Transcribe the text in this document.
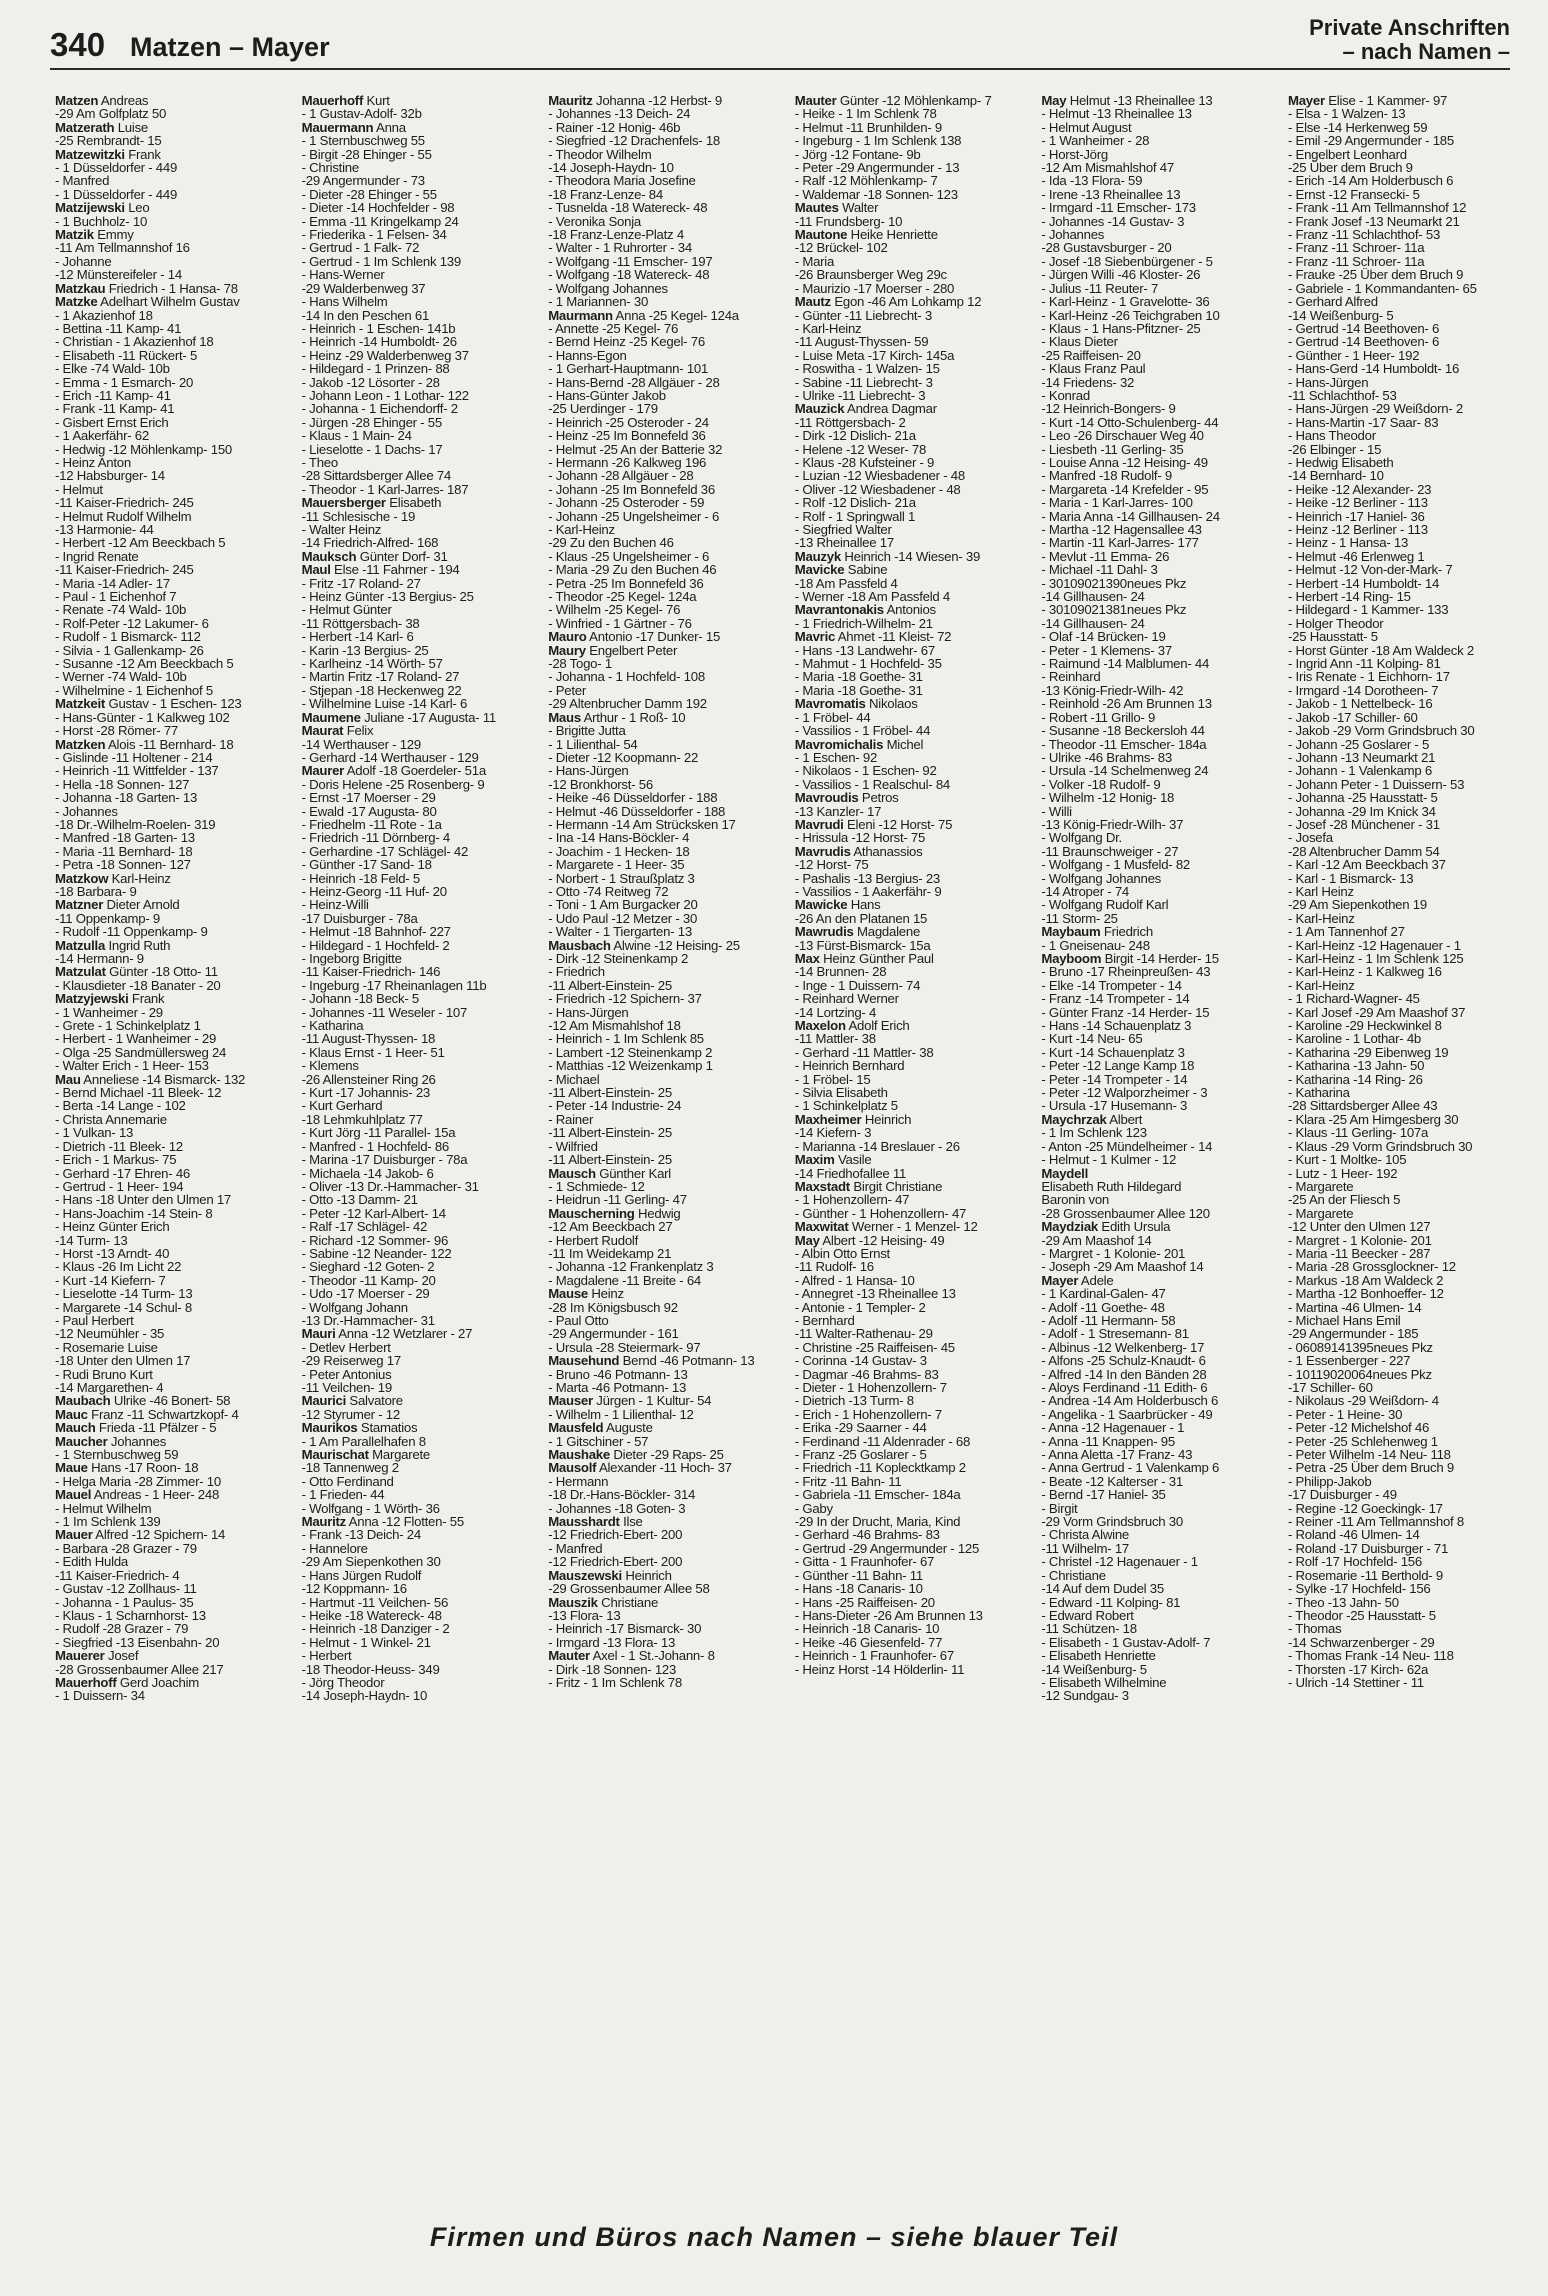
340 Matzen – Mayer
Private Anschriften
– nach Namen –
Matzen Andreas
-29 Am Golfplatz 50
Matzerath Luise
-25 Rembrandt- 15
Matzewitzki Frank
- 1 Düsseldorfer - 449
- Manfred
- 1 Düsseldorfer - 449
Matzijewski Leo
- 1 Buchholz- 10
Matzik Emmy
-11 Am Tellmannshof 16
- Johanne
-12 Münstereifeler - 14
Matzkau Friedrich - 1 Hansa- 78
Matzke Adelhart Wilhelm Gustav
- 1 Akazienhof 18
- Bettina -11 Kamp- 41
- Christian - 1 Akazienhof 18
- Elisabeth -11 Rückert- 5
- Elke -74 Wald- 10b
- Emma - 1 Esmarch- 20
- Erich -11 Kamp- 41
- Frank -11 Kamp- 41
- Gisbert Ernst Erich
- 1 Aakerfähr- 62
- Hedwig -12 Möhlenkamp- 150
- Heinz Anton
-12 Habsburger- 14
- Helmut
-11 Kaiser-Friedrich- 245
- Helmut Rudolf Wilhelm
-13 Harmonie- 44
- Herbert -12 Am Beeckbach 5
- Ingrid Renate
-11 Kaiser-Friedrich- 245
- Maria -14 Adler- 17
- Paul - 1 Eichenhof 7
- Renate -74 Wald- 10b
- Rolf-Peter -12 Lakumer- 6
- Rudolf - 1 Bismarck- 112
- Silvia - 1 Gallenkamp- 26
- Susanne -12 Am Beeckbach 5
- Werner -74 Wald- 10b
- Wilhelmine - 1 Eichenhof 5
Matzkeit Gustav - 1 Eschen- 123
- Hans-Günter - 1 Kalkweg 102
- Horst -28 Römer- 77
Matzken Alois -11 Bernhard- 18
- Gislinde -11 Holtener - 214
- Heinrich -11 Wittfelder - 137
- Hella -18 Sonnen- 127
- Johanna -18 Garten- 13
- Johannes
-18 Dr.-Wilhelm-Roelen- 319
- Manfred -18 Garten- 13
- Maria -11 Bernhard- 18
- Petra -18 Sonnen- 127
Matzkow Karl-Heinz
-18 Barbara- 9
Matzner Dieter Arnold
-11 Oppenkamp- 9
- Rudolf -11 Oppenkamp- 9
Matzulla Ingrid Ruth
-14 Hermann- 9
Matzulat Günter -18 Otto- 11
- Klausdieter -18 Banater - 20
Matzyjewski Frank
- 1 Wanheimer - 29
- Grete - 1 Schinkelplatz 1
- Herbert - 1 Wanheimer - 29
- Olga -25 Sandmüllersweg 24
- Walter Erich - 1 Heer- 153
Mau Anneliese -14 Bismarck- 132
- Bernd Michael -11 Bleek- 12
- Berta -14 Lange - 102
- Christa Annemarie
- 1 Vulkan- 13
- Dietrich -11 Bleek- 12
- Erich - 1 Markus- 75
- Gerhard -17 Ehren- 46
- Gertrud - 1 Heer- 194
- Hans -18 Unter den Ulmen 17
- Hans-Joachim -14 Stein- 8
- Heinz Günter Erich
-14 Turm- 13
- Horst -13 Arndt- 40
- Klaus -26 Im Licht 22
- Kurt -14 Kiefern- 7
- Lieselotte -14 Turm- 13
- Margarete -14 Schul- 8
- Paul Herbert
-12 Neumühler - 35
- Rosemarie Luise
-18 Unter den Ulmen 17
- Rudi Bruno Kurt
-14 Margarethen- 4
Maubach Ulrike -46 Bonert- 58
Mauc Franz -11 Schwartzkopf- 4
Mauch Frieda -11 Pfälzer - 5
Maucher Johannes
- 1 Sternbuschweg 59
Maue Hans -17 Roon- 18
- Helga Maria -28 Zimmer- 10
Mauel Andreas - 1 Heer- 248
- Helmut Wilhelm
- 1 Im Schlenk 139
Mauer Alfred -12 Spichern- 14
- Barbara -28 Grazer - 79
- Edith Hulda
-11 Kaiser-Friedrich- 4
- Gustav -12 Zollhaus- 11
- Johanna - 1 Paulus- 35
- Klaus - 1 Scharnhorst- 13
- Rudolf -28 Grazer - 79
- Siegfried -13 Eisenbahn- 20
Mauerer Josef
-28 Grossenbaumer Allee 217
Mauerhoff Gerd Joachim
- 1 Duissern- 34
Mauerhoff Kurt
- 1 Gustav-Adolf- 32b
Mauermann Anna
- 1 Sternbuschweg 55
- Birgit -28 Ehinger - 55
- Christine
-29 Angermunder - 73
- Dieter -28 Ehinger - 55
- Dieter -14 Hochfelder - 98
- Emma -11 Kringelkamp 24
- Friederika - 1 Felsen- 34
- Gertrud - 1 Falk- 72
- Gertrud - 1 Im Schlenk 139
- Hans-Werner
-29 Walderbenweg 37
- Hans Wilhelm
-14 In den Peschen 61
- Heinrich - 1 Eschen- 141b
- Heinrich -14 Humboldt- 26
- Heinz -29 Walderbenweg 37
- Hildegard - 1 Prinzen- 88
- Jakob -12 Lösorter - 28
- Johann Leon - 1 Lothar- 122
- Johanna - 1 Eichendorff- 2
- Jürgen -28 Ehinger - 55
- Klaus - 1 Main- 24
- Lieselotte - 1 Dachs- 17
- Theo
-28 Sittardsberger Allee 74
- Theodor - 1 Karl-Jarres- 187
Mauersberger Elisabeth
-11 Schlesische - 19
- Walter Heinz
-14 Friedrich-Alfred- 168
Mauksch Günter Dorf- 31
Maul Else -11 Fahrner - 194
- Fritz -17 Roland- 27
- Heinz Günter -13 Bergius- 25
- Helmut Günter
-11 Röttgersbach- 38
- Herbert -14 Karl- 6
- Karin -13 Bergius- 25
- Karlheinz -14 Wörth- 57
- Martin Fritz -17 Roland- 27
- Stjepan -18 Heckenweg 22
- Wilhelmine Luise -14 Karl- 6
Maumene Juliane -17 Augusta- 11
Maurat Felix
-14 Werthauser - 129
- Gerhard -14 Werthauser - 129
Maurer Adolf -18 Goerdeler- 51a
- Doris Helene -25 Rosenberg- 9
- Ernst -17 Moerser - 29
- Ewald -17 Augusta- 80
- Friedhelm -11 Rote - 1a
- Friedrich -11 Dörnberg- 4
- Gerhardine -17 Schlägel- 42
- Günther -17 Sand- 18
- Heinrich -18 Feld- 5
- Heinz-Georg -11 Huf- 20
- Heinz-Willi
-17 Duisburger - 78a
- Helmut -18 Bahnhof- 227
- Hildegard - 1 Hochfeld- 2
- Ingeborg Brigitte
-11 Kaiser-Friedrich- 146
- Ingeburg -17 Rheinanlagen 11b
- Johann -18 Beck- 5
- Johannes -11 Weseler - 107
- Katharina
-11 August-Thyssen- 18
- Klaus Ernst - 1 Heer- 51
- Klemens
-26 Allensteiner Ring 26
- Kurt -17 Johannis- 23
- Kurt Gerhard
-18 Lehmkuhlplatz 77
- Kurt Jörg -11 Parallel- 15a
- Manfred - 1 Hochfeld- 86
- Marina -17 Duisburger - 78a
- Michaela -14 Jakob- 6
- Oliver -13 Dr.-Hammacher- 31
- Otto -13 Damm- 21
- Peter -12 Karl-Albert- 14
- Ralf -17 Schlägel- 42
- Richard -12 Sommer- 96
- Sabine -12 Neander- 122
- Sieghard -12 Goten- 2
- Theodor -11 Kamp- 20
- Udo -17 Moerser - 29
- Wolfgang Johann
-13 Dr.-Hammacher- 31
Mauri Anna -12 Wetzlarer - 27
- Detlev Herbert
-29 Reiserweg 17
- Peter Antonius
-11 Veilchen- 19
Maurici Salvatore
-12 Styrumer - 12
Maurikos Stamatios
- 1 Am Parallelhafen 8
Maurischat Margarete
-18 Tannenweg 2
- Otto Ferdinand
- 1 Frieden- 44
- Wolfgang - 1 Wörth- 36
Mauritz Anna -12 Flotten- 55
- Frank -13 Deich- 24
- Hannelore
-29 Am Siepenkothen 30
- Hans Jürgen Rudolf
-12 Koppmann- 16
- Hartmut -11 Veilchen- 56
- Heike -18 Watereck- 48
- Heinrich -18 Danziger - 2
- Helmut - 1 Winkel- 21
- Herbert
-18 Theodor-Heuss- 349
- Jörg Theodor
-14 Joseph-Haydn- 10
Mauritz Johanna -12 Herbst- 9
- Johannes -13 Deich- 24
- Rainer -12 Honig- 46b
- Siegfried -12 Drachenfels- 18
- Theodor Wilhelm
-14 Joseph-Haydn- 10
- Theodora Maria Josefine
-18 Franz-Lenze- 84
- Tusnelda -18 Watereck- 48
- Veronika Sonja
-18 Franz-Lenze-Platz 4
- Walter - 1 Ruhrorter - 34
- Wolfgang -11 Emscher- 197
- Wolfgang -18 Watereck- 48
- Wolfgang Johannes
- 1 Mariannen- 30
Maurmann Anna -25 Kegel- 124a
- Annette -25 Kegel- 76
- Bernd Heinz -25 Kegel- 76
- Hanns-Egon
- 1 Gerhart-Hauptmann- 101
- Hans-Bernd -28 Allgäuer - 28
- Hans-Günter Jakob
-25 Uerdinger - 179
- Heinrich -25 Osteroder - 24
- Heinz -25 Im Bonnefeld 36
- Helmut -25 An der Batterie 32
- Hermann -26 Kalkweg 196
- Johann -28 Allgäuer - 28
- Johann -25 Im Bonnefeld 36
- Johann -25 Osteroder - 59
- Johann -25 Ungelsheimer - 6
- Karl-Heinz
-29 Zu den Buchen 46
- Klaus -25 Ungelsheimer - 6
- Maria -29 Zu den Buchen 46
- Petra -25 Im Bonnefeld 36
- Theodor -25 Kegel- 124a
- Wilhelm -25 Kegel- 76
- Winfried - 1 Gärtner - 76
Mauro Antonio -17 Dunker- 15
Maury Engelbert Peter
-28 Togo- 1
- Johanna - 1 Hochfeld- 108
- Peter
-29 Altenbrucher Damm 192
Maus Arthur - 1 Roß- 10
- Brigitte Jutta
- 1 Lilienthal- 54
- Dieter -12 Koopmann- 22
- Hans-Jürgen
-12 Bronkhorst- 56
- Heike -46 Düsseldorfer - 188
- Helmut -46 Düsseldorfer - 188
- Hermann -14 Am Strücksken 17
- Ina -14 Hans-Böckler- 4
- Joachim - 1 Hecken- 18
- Margarete - 1 Heer- 35
- Norbert - 1 Straußplatz 3
- Otto -74 Reitweg 72
- Toni - 1 Am Burgacker 20
- Udo Paul -12 Metzer - 30
- Walter - 1 Tiergarten- 13
Mausbach Alwine -12 Heising- 25
- Dirk -12 Steinenkamp 2
- Friedrich
-11 Albert-Einstein- 25
- Friedrich -12 Spichern- 37
- Hans-Jürgen
-12 Am Mismahlshof 18
- Heinrich - 1 Im Schlenk 85
- Lambert -12 Steinenkamp 2
- Matthias -12 Weizenkamp 1
- Michael
-11 Albert-Einstein- 25
- Peter -14 Industrie- 24
- Rainer
-11 Albert-Einstein- 25
- Wilfried
-11 Albert-Einstein- 25
Mausch Günther Karl
- 1 Schmiede- 12
- Heidrun -11 Gerling- 47
Mauscherning Hedwig
-12 Am Beeckbach 27
- Herbert Rudolf
-11 Im Weidekamp 21
- Johanna -12 Frankenplatz 3
- Magdalene -11 Breite - 64
Mause Heinz
-28 Im Königsbusch 92
- Paul Otto
-29 Angermunder - 161
- Ursula -28 Steiermark- 97
Mausehund Bernd -46 Potmann- 13
- Bruno -46 Potmann- 13
- Marta -46 Potmann- 13
Mauser Jürgen - 1 Kultur- 54
- Wilhelm - 1 Lilienthal- 12
Mausfeld Auguste
- 1 Gitschiner - 57
Maushake Dieter -29 Raps- 25
Mausolf Alexander -11 Hoch- 37
- Hermann
-18 Dr.-Hans-Böckler- 314
- Johannes -18 Goten- 3
Mausshardt Ilse
-12 Friedrich-Ebert- 200
- Manfred
-12 Friedrich-Ebert- 200
Mauszewski Heinrich
-29 Grossenbaumer Allee 58
Mauszik Christiane
-13 Flora- 13
- Heinrich -17 Bismarck- 30
- Irmgard -13 Flora- 13
Mauter Axel - 1 St.-Johann- 8
- Dirk -18 Sonnen- 123
- Fritz - 1 Im Schlenk 78
Mauter Günter -12 Möhlenkamp- 7
- Heike - 1 Im Schlenk 78
- Helmut -11 Brunhilden- 9
- Ingeburg - 1 Im Schlenk 138
- Jörg -12 Fontane- 9b
- Peter -29 Angermunder - 13
- Ralf -12 Möhlenkamp- 7
- Waldemar -18 Sonnen- 123
Mautes Walter
-11 Frundsberg- 10
Mautone Heike Henriette
-12 Brückel- 102
- Maria
-26 Braunsberger Weg 29c
- Maurizio -17 Moerser - 280
Mautz Egon -46 Am Lohkamp 12
- Günter -11 Liebrecht- 3
- Karl-Heinz
-11 August-Thyssen- 59
- Luise Meta -17 Kirch- 145a
- Roswitha - 1 Walzen- 15
- Sabine -11 Liebrecht- 3
- Ulrike -11 Liebrecht- 3
Mauzick Andrea Dagmar
-11 Röttgersbach- 2
- Dirk -12 Dislich- 21a
- Helene -12 Weser- 78
- Klaus -28 Kufsteiner - 9
- Luzian -12 Wiesbadener - 48
- Oliver -12 Wiesbadener - 48
- Rolf -12 Dislich- 21a
- Rolf - 1 Springwall 1
- Siegfried Walter
-13 Rheinallee 17
Mauzyk Heinrich -14 Wiesen- 39
Mavicke Sabine
-18 Am Passfeld 4
- Werner -18 Am Passfeld 4
Mavrantonakis Antonios
- 1 Friedrich-Wilhelm- 21
Mavric Ahmet -11 Kleist- 72
- Hans -13 Landwehr- 67
- Mahmut - 1 Hochfeld- 35
- Maria -18 Goethe- 31
- Maria -18 Goethe- 31
Mavromatis Nikolaos
- 1 Fröbel- 44
- Vassilios - 1 Fröbel- 44
Mavromichalis Michel
- 1 Eschen- 92
- Nikolaos - 1 Eschen- 92
- Vassilios - 1 Realschul- 84
Mavroudis Petros
-13 Kanzler- 17
Mavrudi Eleni -12 Horst- 75
- Hrissula -12 Horst- 75
Mavrudis Athanassios
-12 Horst- 75
- Pashalis -13 Bergius- 23
- Vassilios - 1 Aakerfähr- 9
Mawicke Hans
-26 An den Platanen 15
Mawrudis Magdalene
-13 Fürst-Bismarck- 15a
Max Heinz Günther Paul
-14 Brunnen- 28
- Inge - 1 Duissern- 74
- Reinhard Werner
-14 Lortzing- 4
Maxelon Adolf Erich
-11 Mattler- 38
- Gerhard -11 Mattler- 38
- Heinrich Bernhard
- 1 Fröbel- 15
- Silvia Elisabeth
- 1 Schinkelplatz 5
Maxheimer Heinrich
-14 Kiefern- 3
- Marianna -14 Breslauer - 26
Maxim Vasile
-14 Friedhofallee 11
Maxstadt Birgit Christiane
- 1 Hohenzollern- 47
- Günther - 1 Hohenzollern- 47
Maxwitat Werner - 1 Menzel- 12
May Albert -12 Heising- 49
- Albin Otto Ernst
-11 Rudolf- 16
- Alfred - 1 Hansa- 10
- Annegret -13 Rheinallee 13
- Antonie - 1 Templer- 2
- Bernhard
-11 Walter-Rathenau- 29
- Christine -25 Raiffeisen- 45
- Corinna -14 Gustav- 3
- Dagmar -46 Brahms- 83
- Dieter - 1 Hohenzollern- 7
- Dietrich -13 Turm- 8
- Erich - 1 Hohenzollern- 7
- Erika -29 Saarner - 44
- Ferdinand -11 Aldenrader - 68
- Franz -25 Goslarer - 5
- Friedrich -11 Koplecktkamp 2
- Fritz -11 Bahn- 11
- Gabriela -11 Emscher- 184a
- Gaby
-29 In der Drucht, Maria, Kind
- Gerhard -46 Brahms- 83
- Gertrud -29 Angermunder - 125
- Gitta - 1 Fraunhofer- 67
- Günther -11 Bahn- 11
- Hans -18 Canaris- 10
- Hans -25 Raiffeisen- 20
- Hans-Dieter -26 Am Brunnen 13
- Heinrich -18 Canaris- 10
- Heike -46 Giesenfeld- 77
- Heinrich - 1 Fraunhofer- 67
- Heinz Horst -14 Hölderlin- 11
May Helmut -13 Rheinallee 13
- Helmut -13 Rheinallee 13
- Helmut August
- 1 Wanheimer - 28
- Horst-Jörg
-12 Am Mismahlshof 47
- Ida -13 Flora- 59
- Irene -13 Rheinallee 13
- Irmgard -11 Emscher- 173
- Johannes -14 Gustav- 3
- Johannes
-28 Gustavsburger - 20
- Josef -18 Siebenbürgener - 5
- Jürgen Willi -46 Kloster- 26
- Julius -11 Reuter- 7
- Karl-Heinz - 1 Gravelotte- 36
- Karl-Heinz -26 Teichgraben 10
- Klaus - 1 Hans-Pfitzner- 25
- Klaus Dieter
-25 Raiffeisen- 20
- Klaus Franz Paul
-14 Friedens- 32
- Konrad
-12 Heinrich-Bongers- 9
- Kurt -14 Otto-Schulenberg- 44
- Leo -26 Dirschauer Weg 40
- Liesbeth -11 Gerling- 35
- Louise Anna -12 Heising- 49
- Manfred -18 Rudolf- 9
- Margareta -14 Krefelder - 95
- Maria - 1 Karl-Jarres- 100
- Maria Anna -14 Gillhausen- 24
- Martha -12 Hagensallee 43
- Martin -11 Karl-Jarres- 177
- Mevlut -11 Emma- 26
- Michael -11 Dahl- 3
- 30109021390neues Pkz
-14 Gillhausen- 24
- 30109021381neues Pkz
-14 Gillhausen- 24
- Olaf -14 Brücken- 19
- Peter - 1 Klemens- 37
- Raimund -14 Malblumen- 44
- Reinhard
-13 König-Friedr-Wilh- 42
- Reinhold -26 Am Brunnen 13
- Robert -11 Grillo- 9
- Susanne -18 Beckersloh 44
- Theodor -11 Emscher- 184a
- Ulrike -46 Brahms- 83
- Ursula -14 Schelmenweg 24
- Volker -18 Rudolf- 9
- Wilhelm -12 Honig- 18
- Willi
-13 König-Friedr-Wilh- 37
- Wolfgang Dr.
-11 Braunschweiger - 27
- Wolfgang - 1 Musfeld- 82
- Wolfgang Johannes
-14 Atroper - 74
- Wolfgang Rudolf Karl
-11 Storm- 25
Maybaum Friedrich
- 1 Gneisenau- 248
Mayboom Birgit -14 Herder- 15
- Bruno -17 Rheinpreußen- 43
- Elke -14 Trompeter - 14
- Franz -14 Trompeter - 14
- Günter Franz -14 Herder- 15
- Hans -14 Schauenplatz 3
- Kurt -14 Neu- 65
- Kurt -14 Schauenplatz 3
- Peter -12 Lange Kamp 18
- Peter -14 Trompeter - 14
- Peter -12 Walporzheimer - 3
- Ursula -17 Husemann- 3
Maychrzak Albert
- 1 Im Schlenk 123
- Anton -25 Mündelheimer - 14
- Helmut - 1 Kulmer - 12
Maydell
Elisabeth Ruth Hildegard
Baronin von
-28 Grossenbaumer Allee 120
Maydziak Edith Ursula
-29 Am Maashof 14
- Margret - 1 Kolonie- 201
- Joseph -29 Am Maashof 14
Mayer Adele
- 1 Kardinal-Galen- 47
- Adolf -11 Goethe- 48
- Adolf -11 Hermann- 58
- Adolf - 1 Stresemann- 81
- Albinus -12 Welkenberg- 17
- Alfons -25 Schulz-Knaudt- 6
- Alfred -14 In den Bänden 28
- Aloys Ferdinand -11 Edith- 6
- Andrea -14 Am Holderbusch 6
- Angelika - 1 Saarbrücker - 49
- Anna -12 Hagenauer - 1
- Anna -11 Knappen- 95
- Anna Aletta -17 Franz- 43
- Anna Gertrud - 1 Valenkamp 6
- Beate -12 Kalterser - 31
- Bernd -17 Haniel- 35
- Birgit
-29 Vorm Grindsbruch 30
- Christa Alwine
-11 Wilhelm- 17
- Christel -12 Hagenauer - 1
- Christiane
-14 Auf dem Dudel 35
- Edward -11 Kolping- 81
- Edward Robert
-11 Schützen- 18
- Elisabeth - 1 Gustav-Adolf- 7
- Elisabeth Henriette
-14 Weißenburg- 5
- Elisabeth Wilhelmine
-12 Sundgau- 3
Mayer Elise - 1 Kammer- 97
- Elsa - 1 Walzen- 13
- Else -14 Herkenweg 59
- Emil -29 Angermunder - 185
- Engelbert Leonhard
-25 Über dem Bruch 9
- Erich -14 Am Holderbusch 6
- Ernst -12 Fransecki- 5
- Frank -11 Am Tellmannshof 12
- Frank Josef -13 Neumarkt 21
- Franz -11 Schlachthof- 53
- Franz -11 Schroer- 11a
- Franz -11 Schroer- 11a
- Frauke -25 Über dem Bruch 9
- Gabriele - 1 Kommandanten- 65
- Gerhard Alfred
-14 Weißenburg- 5
- Gertrud -14 Beethoven- 6
- Gertrud -14 Beethoven- 6
- Günther - 1 Heer- 192
- Hans-Gerd -14 Humboldt- 16
- Hans-Jürgen
-11 Schlachthof- 53
- Hans-Jürgen -29 Weißdorn- 2
- Hans-Martin -17 Saar- 83
- Hans Theodor
-26 Elbinger - 15
- Hedwig Elisabeth
-14 Bernhard- 10
- Heike -12 Alexander- 23
- Heike -12 Berliner - 113
- Heinrich -17 Haniel- 36
- Heinz -12 Berliner - 113
- Heinz - 1 Hansa- 13
- Helmut -46 Erlenweg 1
- Helmut -12 Von-der-Mark- 7
- Herbert -14 Humboldt- 14
- Herbert -14 Ring- 15
- Hildegard - 1 Kammer- 133
- Holger Theodor
-25 Hausstatt- 5
- Horst Günter -18 Am Waldeck 2
- Ingrid Ann -11 Kolping- 81
- Iris Renate - 1 Eichhorn- 17
- Irmgard -14 Dorotheen- 7
- Jakob - 1 Nettelbeck- 16
- Jakob -17 Schiller- 60
- Jakob -29 Vorm Grindsbruch 30
- Johann -25 Goslarer - 5
- Johann -13 Neumarkt 21
- Johann - 1 Valenkamp 6
- Johann Peter - 1 Duissern- 53
- Johanna -25 Hausstatt- 5
- Johanna -29 Im Knick 34
- Josef -28 Münchener - 31
- Josefa
-28 Altenbrucher Damm 54
- Karl -12 Am Beeckbach 37
- Karl - 1 Bismarck- 13
- Karl Heinz
-29 Am Siepenkothen 19
- Karl-Heinz
- 1 Am Tannenhof 27
- Karl-Heinz -12 Hagenauer - 1
- Karl-Heinz - 1 Im Schlenk 125
- Karl-Heinz - 1 Kalkweg 16
- Karl-Heinz
- 1 Richard-Wagner- 45
- Karl Josef -29 Am Maashof 37
- Karoline -29 Heckwinkel 8
- Karoline - 1 Lothar- 4b
- Katharina -29 Eibenweg 19
- Katharina -13 Jahn- 50
- Katharina -14 Ring- 26
- Katharina
-28 Sittardsberger Allee 43
- Klara -25 Am Himgesberg 30
- Klaus -11 Gerling- 107a
- Klaus -29 Vorm Grindsbruch 30
- Kurt - 1 Moltke- 105
- Lutz - 1 Heer- 192
- Margarete
-25 An der Fliesch 5
- Margarete
-12 Unter den Ulmen 127
- Margret - 1 Kolonie- 201
- Maria -11 Beecker - 287
- Maria -28 Grossglockner- 12
- Markus -18 Am Waldeck 2
- Martha -12 Bonhoeffer- 12
- Martina -46 Ulmen- 14
- Michael Hans Emil
-29 Angermunder - 185
- 06089141395neues Pkz
- 1 Essenberger - 227
- 10119020064neues Pkz
-17 Schiller- 60
- Nikolaus -29 Weißdorn- 4
- Peter - 1 Heine- 30
- Peter -12 Michelshof 46
- Peter -25 Schlehenweg 1
- Peter Wilhelm -14 Neu- 118
- Petra -25 Über dem Bruch 9
- Philipp-Jakob
-17 Duisburger - 49
- Regine -12 Goeckingk- 17
- Reiner -11 Am Tellmannshof 8
- Roland -46 Ulmen- 14
- Roland -17 Duisburger - 71
- Rolf -17 Hochfeld- 156
- Rosemarie -11 Berthold- 9
- Sylke -17 Hochfeld- 156
- Theo -13 Jahn- 50
- Theodor -25 Hausstatt- 5
- Thomas
-14 Schwarzenberger - 29
- Thomas Frank -14 Neu- 118
- Thorsten -17 Kirch- 62a
- Ulrich -14 Stettiner - 11
Firmen und Büros nach Namen – siehe blauer Teil
